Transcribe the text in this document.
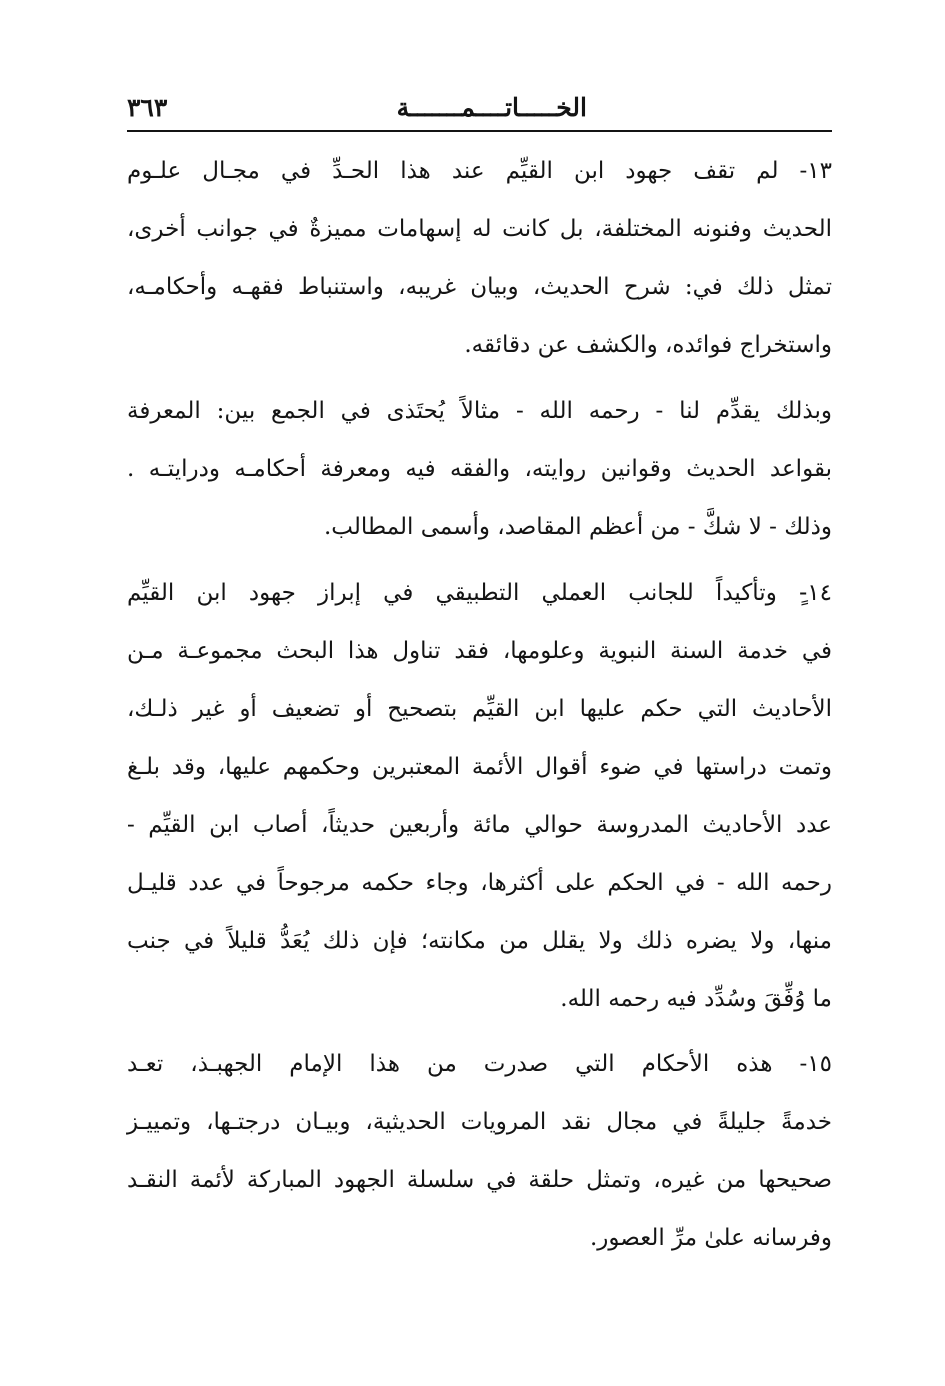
الخـــــاتــــمـــــــة
٣٦٣
١٣- لم تقف جهود ابن القيِّم عند هذا الحـدِّ في مجـال علـوم
الحديث وفنونه المختلفة، بل كانت له إسهامات مميزةٌ في جوانب أخرى،
تمثل ذلك في: شرح الحديث، وبيان غريبه، واستنباط فقهـه وأحكامـه،
واستخراج فوائده، والكشف عن دقائقه.
وبذلك يقدِّم لنا - رحمه الله - مثالاً يُحتَذى في الجمع بين: المعرفة
بقواعد الحديث وقوانين روايته، والفقه فيه ومعرفة أحكامـه ودرايتـه .
وذلك - لا شكَّ - من أعظم المقاصد، وأسمى المطالب.
١٤-ٍ وتأكيداً للجانب العملي التطبيقي في إبراز جهود ابن القيِّم
في خدمة السنة النبوية وعلومها، فقد تناول هذا البحث مجموعـة مـن
الأحاديث التي حكم عليها ابن القيِّم بتصحيح أو تضعيف أو غير ذلـك،
وتمت دراستها في ضوء أقوال الأئمة المعتبرين وحكمهم عليها، وقد بلـغ
عدد الأحاديث المدروسة حوالي مائة وأربعين حديثاً، أصاب ابن القيِّم -
رحمه الله - في الحكم على أكثرها، وجاء حكمه مرجوحاً في عدد قليـل
منها، ولا يضره ذلك ولا يقلل من مكانته؛ فإن ذلك يُعَدُّ قليلاً في جنب
ما وُفِّقَ وسُدِّد فيه رحمه الله.
١٥- هذه الأحكام التي صدرت من هذا الإمام الجهبـذ، تعـد
خدمةً جليلةً في مجال نقد المرويات الحديثية، وبيـان درجتـها، وتمييـز
صحيحها من غيره، وتمثل حلقة في سلسلة الجهود المباركة لأئمة النقـد
وفرسانه علىٰ مرِّ العصور.
